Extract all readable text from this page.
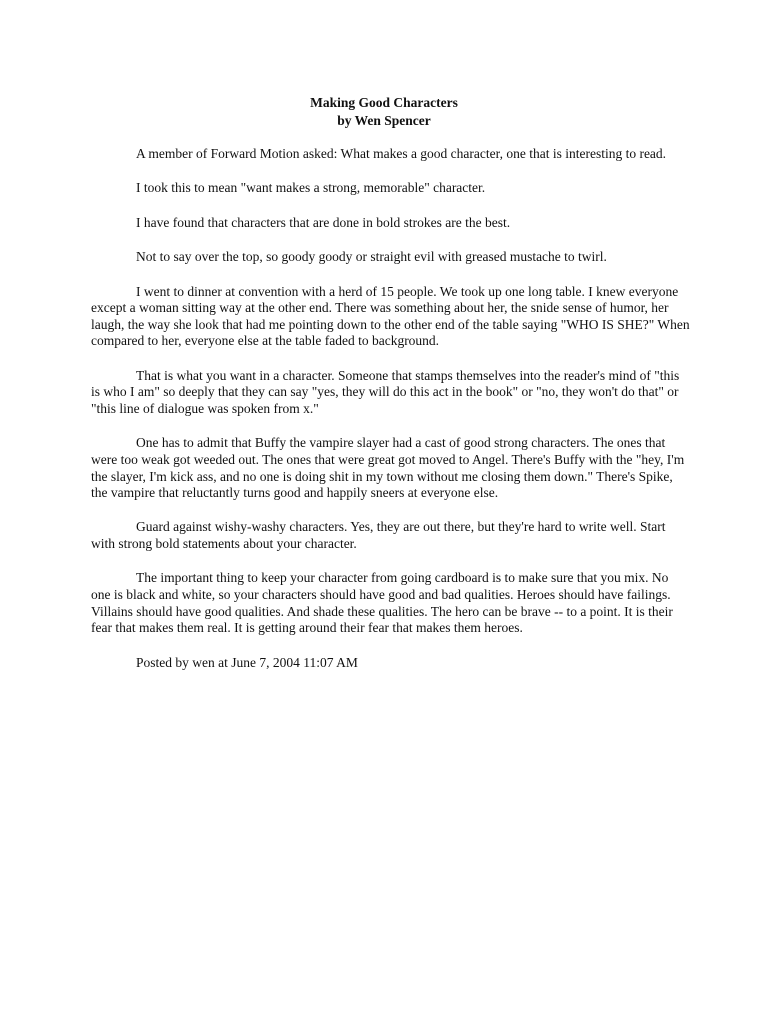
Making Good Characters
by Wen Spencer

A member of Forward Motion asked: What makes a good character, one that is interesting to read.

I took this to mean "want makes a strong, memorable" character.

I have found that characters that are done in bold strokes are the best.

Not to say over the top, so goody goody or straight evil with greased mustache to twirl.

I went to dinner at convention with a herd of 15 people. We took up one long table. I knew everyone except a woman sitting way at the other end. There was something about her, the snide sense of humor, her laugh, the way she look that had me pointing down to the other end of the table saying "WHO IS SHE?" When compared to her, everyone else at the table faded to background.

That is what you want in a character. Someone that stamps themselves into the reader's mind of "this is who I am" so deeply that they can say "yes, they will do this act in the book" or "no, they won't do that" or "this line of dialogue was spoken from x."

One has to admit that Buffy the vampire slayer had a cast of good strong characters. The ones that were too weak got weeded out. The ones that were great got moved to Angel. There's Buffy with the "hey, I'm the slayer, I'm kick ass, and no one is doing shit in my town without me closing them down." There's Spike, the vampire that reluctantly turns good and happily sneers at everyone else.

Guard against wishy-washy characters. Yes, they are out there, but they're hard to write well. Start with strong bold statements about your character.

The important thing to keep your character from going cardboard is to make sure that you mix. No one is black and white, so your characters should have good and bad qualities. Heroes should have failings. Villains should have good qualities. And shade these qualities. The hero can be brave -- to a point. It is their fear that makes them real. It is getting around their fear that makes them heroes.

Posted by wen at June 7, 2004 11:07 AM
